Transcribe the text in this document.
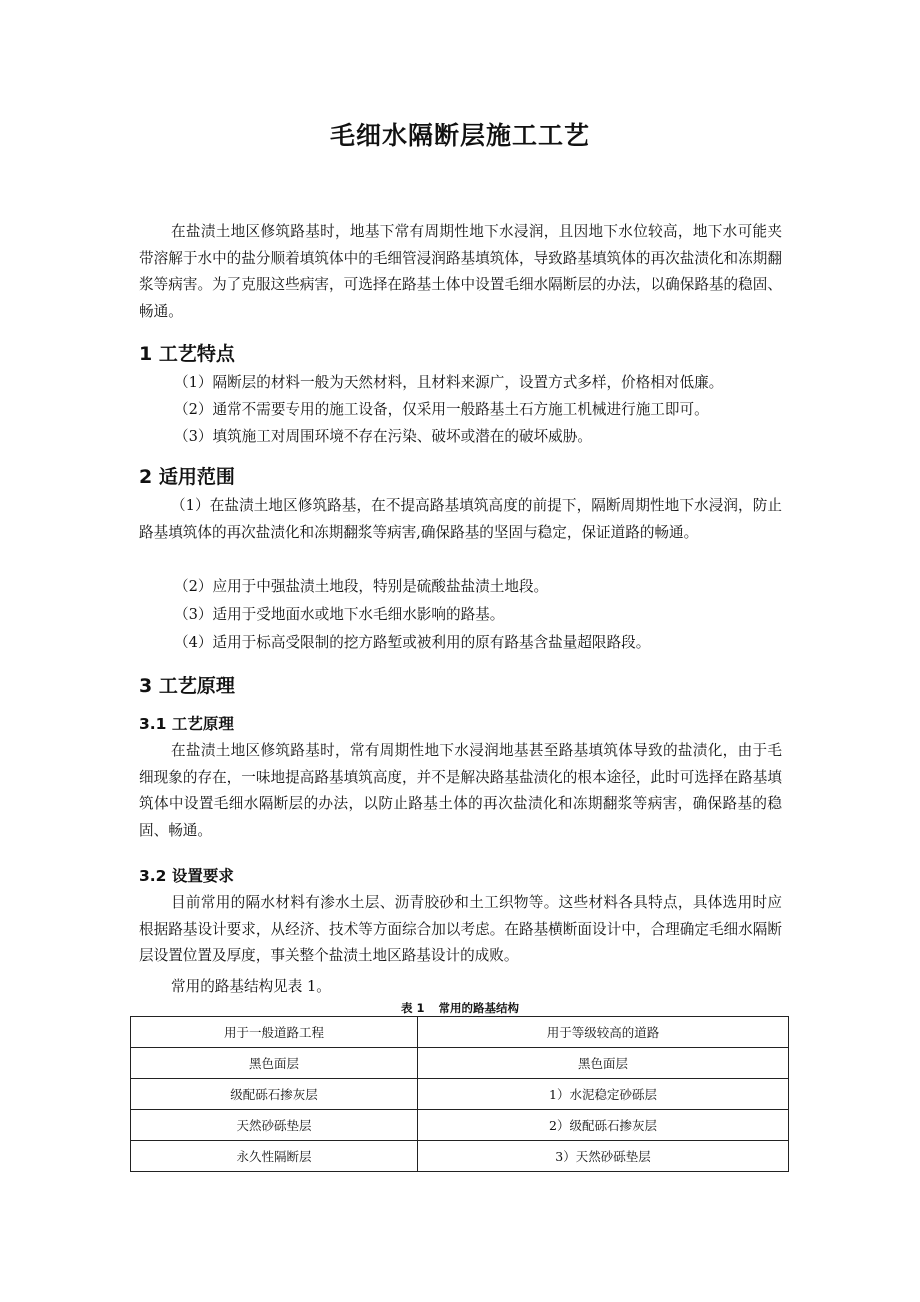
毛细水隔断层施工工艺

在盐渍土地区修筑路基时，地基下常有周期性地下水浸润，且因地下水位较高，地下水可能夹带溶解于水中的盐分顺着填筑体中的毛细管浸润路基填筑体，导致路基填筑体的再次盐渍化和冻期翻浆等病害。为了克服这些病害，可选择在路基土体中设置毛细水隔断层的办法，以确保路基的稳固、畅通。

1 工艺特点

（1）隔断层的材料一般为天然材料，且材料来源广，设置方式多样，价格相对低廉。

（2）通常不需要专用的施工设备，仅采用一般路基土石方施工机械进行施工即可。

（3）填筑施工对周围环境不存在污染、破坏或潜在的破坏威胁。

2 适用范围

（1）在盐渍土地区修筑路基，在不提高路基填筑高度的前提下，隔断周期性地下水浸润，防止路基填筑体的再次盐渍化和冻期翻浆等病害,确保路基的坚固与稳定，保证道路的畅通。

（2）应用于中强盐渍土地段，特别是硫酸盐盐渍土地段。

（3）适用于受地面水或地下水毛细水影响的路基。

（4）适用于标高受限制的挖方路堑或被利用的原有路基含盐量超限路段。

3 工艺原理
3.1 工艺原理

在盐渍土地区修筑路基时，常有周期性地下水浸润地基甚至路基填筑体导致的盐渍化，由于毛细现象的存在，一味地提高路基填筑高度，并不是解决路基盐渍化的根本途径，此时可选择在路基填筑体中设置毛细水隔断层的办法，以防止路基土体的再次盐渍化和冻期翻浆等病害，确保路基的稳固、畅通。

3.2 设置要求

目前常用的隔水材料有渗水土层、沥青胶砂和土工织物等。这些材料各具特点，具体选用时应根据路基设计要求，从经济、技术等方面综合加以考虑。在路基横断面设计中，合理确定毛细水隔断层设置位置及厚度，事关整个盐渍土地区路基设计的成败。

常用的路基结构见表 1。

表 1 常用的路基结构
用于一般道路工程	用于等级较高的道路
黑色面层	黑色面层
级配砾石掺灰层	1）水泥稳定砂砾层
天然砂砾垫层	2）级配砾石掺灰层
永久性隔断层	3）天然砂砾垫层
